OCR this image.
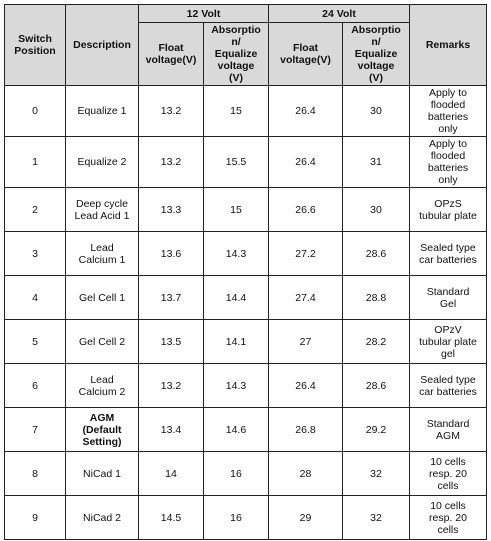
Switch
Position	Description	12 Volt		24 Volt		Remarks
		Float
voltage(V)	Absorptio
n/
Equalize
voltage
(V)	Float
voltage(V)	Absorptio
n/
Equalize
voltage
(V)	
0	Equalize 1	13.2	15	26.4	30	Apply to
flooded
batteries
only
1	Equalize 2	13.2	15.5	26.4	31	Apply to
flooded
batteries
only
2	Deep cycle
Lead Acid 1	13.3	15	26.6	30	OPzS
tubular plate
3	Lead
Calcium 1	13.6	14.3	27.2	28.6	Sealed type
car batteries
4	Gel Cell 1	13.7	14.4	27.4	28.8	Standard
Gel
5	Gel Cell 2	13.5	14.1	27	28.2	OPzV
tubular plate
gel
6	Lead
Calcium 2	13.2	14.3	26.4	28.6	Sealed type
car batteries
7	AGM
(Default
Setting)	13.4	14.6	26.8	29.2	Standard
AGM
8	NiCad 1	14	16	28	32	10 cells
resp. 20
cells
9	NiCad 2	14.5	16	29	32	10 cells
resp. 20
cells
